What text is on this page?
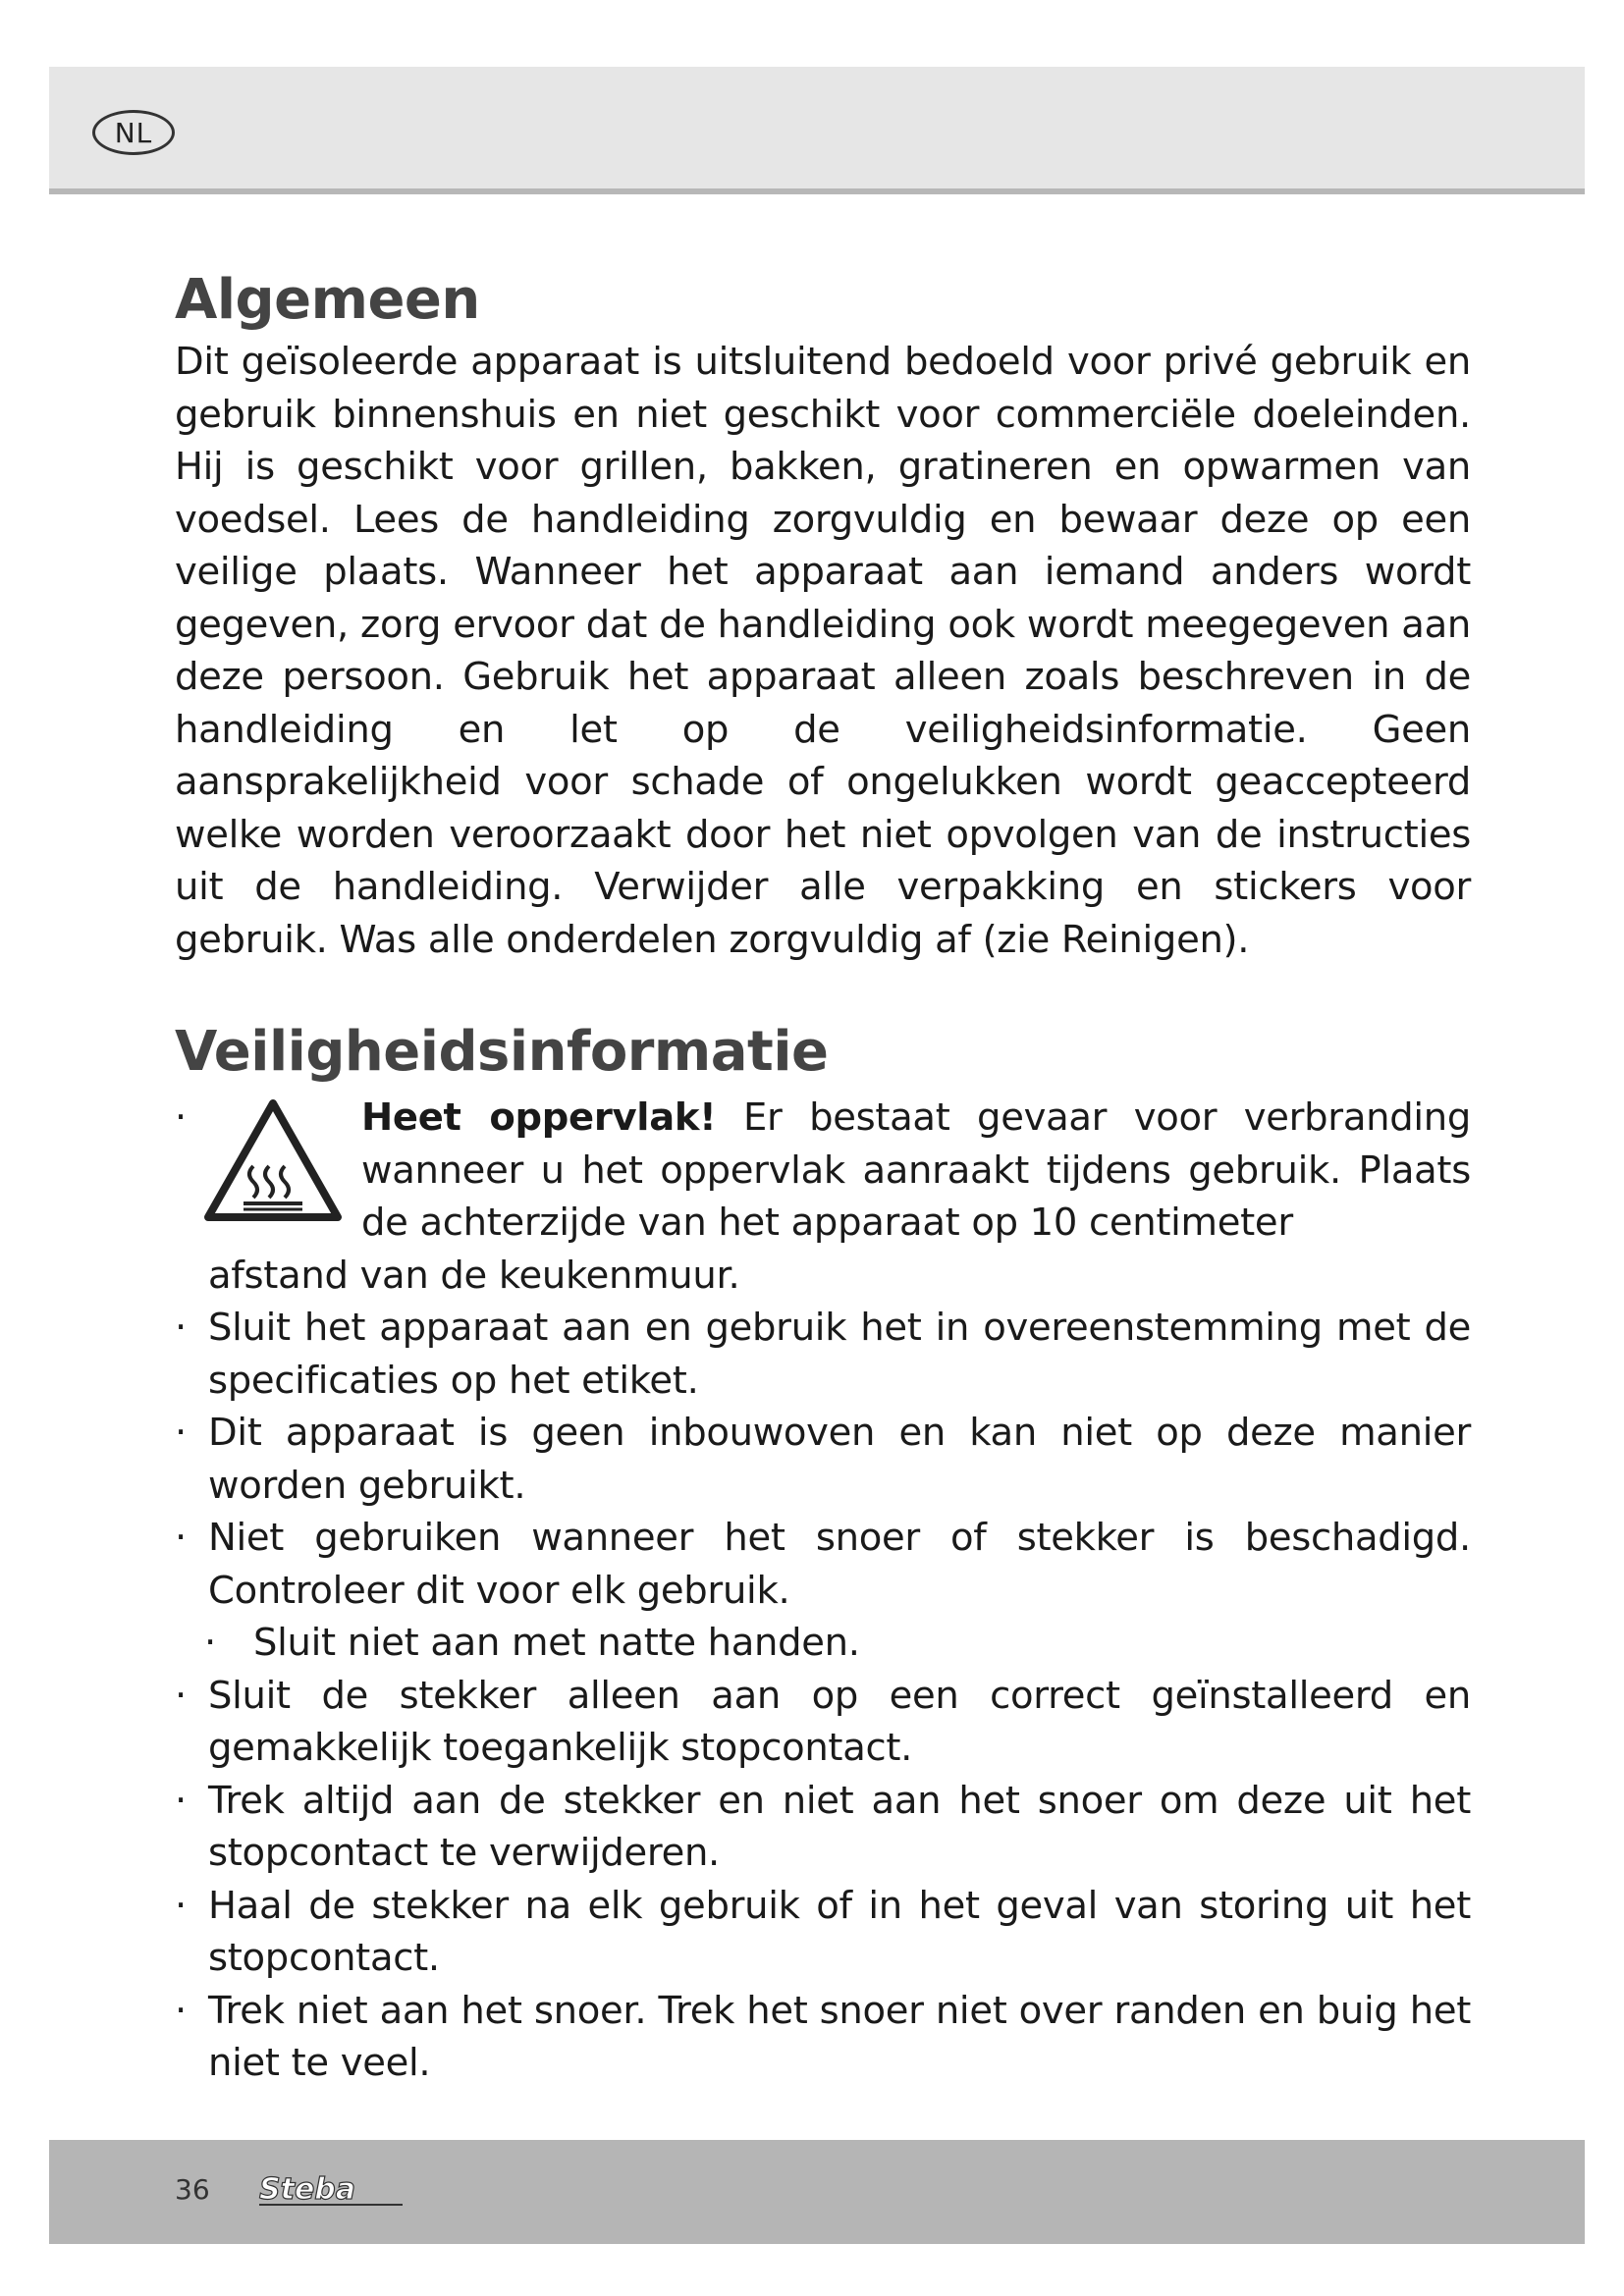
NL
Algemeen

Dit geïsoleerde apparaat is uitsluitend bedoeld voor privé gebruik en gebruik binnenshuis en niet geschikt voor commerciële doeleinden. Hij is geschikt voor grillen, bakken, gratineren en opwarmen van voedsel. Lees de handleiding zorgvuldig en bewaar deze op een veilige plaats. Wanneer het apparaat aan iemand anders wordt gegeven, zorg ervoor dat de handleiding ook wordt meegegeven aan deze persoon. Gebruik het apparaat alleen zoals beschreven in de handleiding en let op de veiligheidsinformatie. Geen aansprakelijkheid voor schade of ongelukken wordt geaccepteerd welke worden veroorzaakt door het niet opvolgen van de instructies uit de handleiding. Verwijder alle verpakking en stickers voor gebruik. Was alle onderdelen zorgvuldig af (zie Reinigen).

Veiligheidsinformatie
·	Heet oppervlak! Er bestaat gevaar voor verbranding wanneer u het oppervlak aanraakt tijdens gebruik. Plaats de achterzijde van het apparaat op 10 centimeter

afstand van de keukenmuur.

· Sluit het apparaat aan en gebruik het in overeenstemming met de specificaties op het etiket.
· Dit apparaat is geen inbouwoven en kan niet op deze manier worden gebruikt.
· Niet gebruiken wanneer het snoer of stekker is beschadigd. Controleer dit voor elk gebruik.
· Sluit niet aan met natte handen.
· Sluit de stekker alleen aan op een correct geïnstalleerd en gemakkelijk toegankelijk stopcontact.
· Trek altijd aan de stekker en niet aan het snoer om deze uit het stopcontact te verwijderen.
· Haal de stekker na elk gebruik of in het geval van storing uit het stopcontact.
· Trek niet aan het snoer. Trek het snoer niet over randen en buig het niet te veel.
36 Steba
